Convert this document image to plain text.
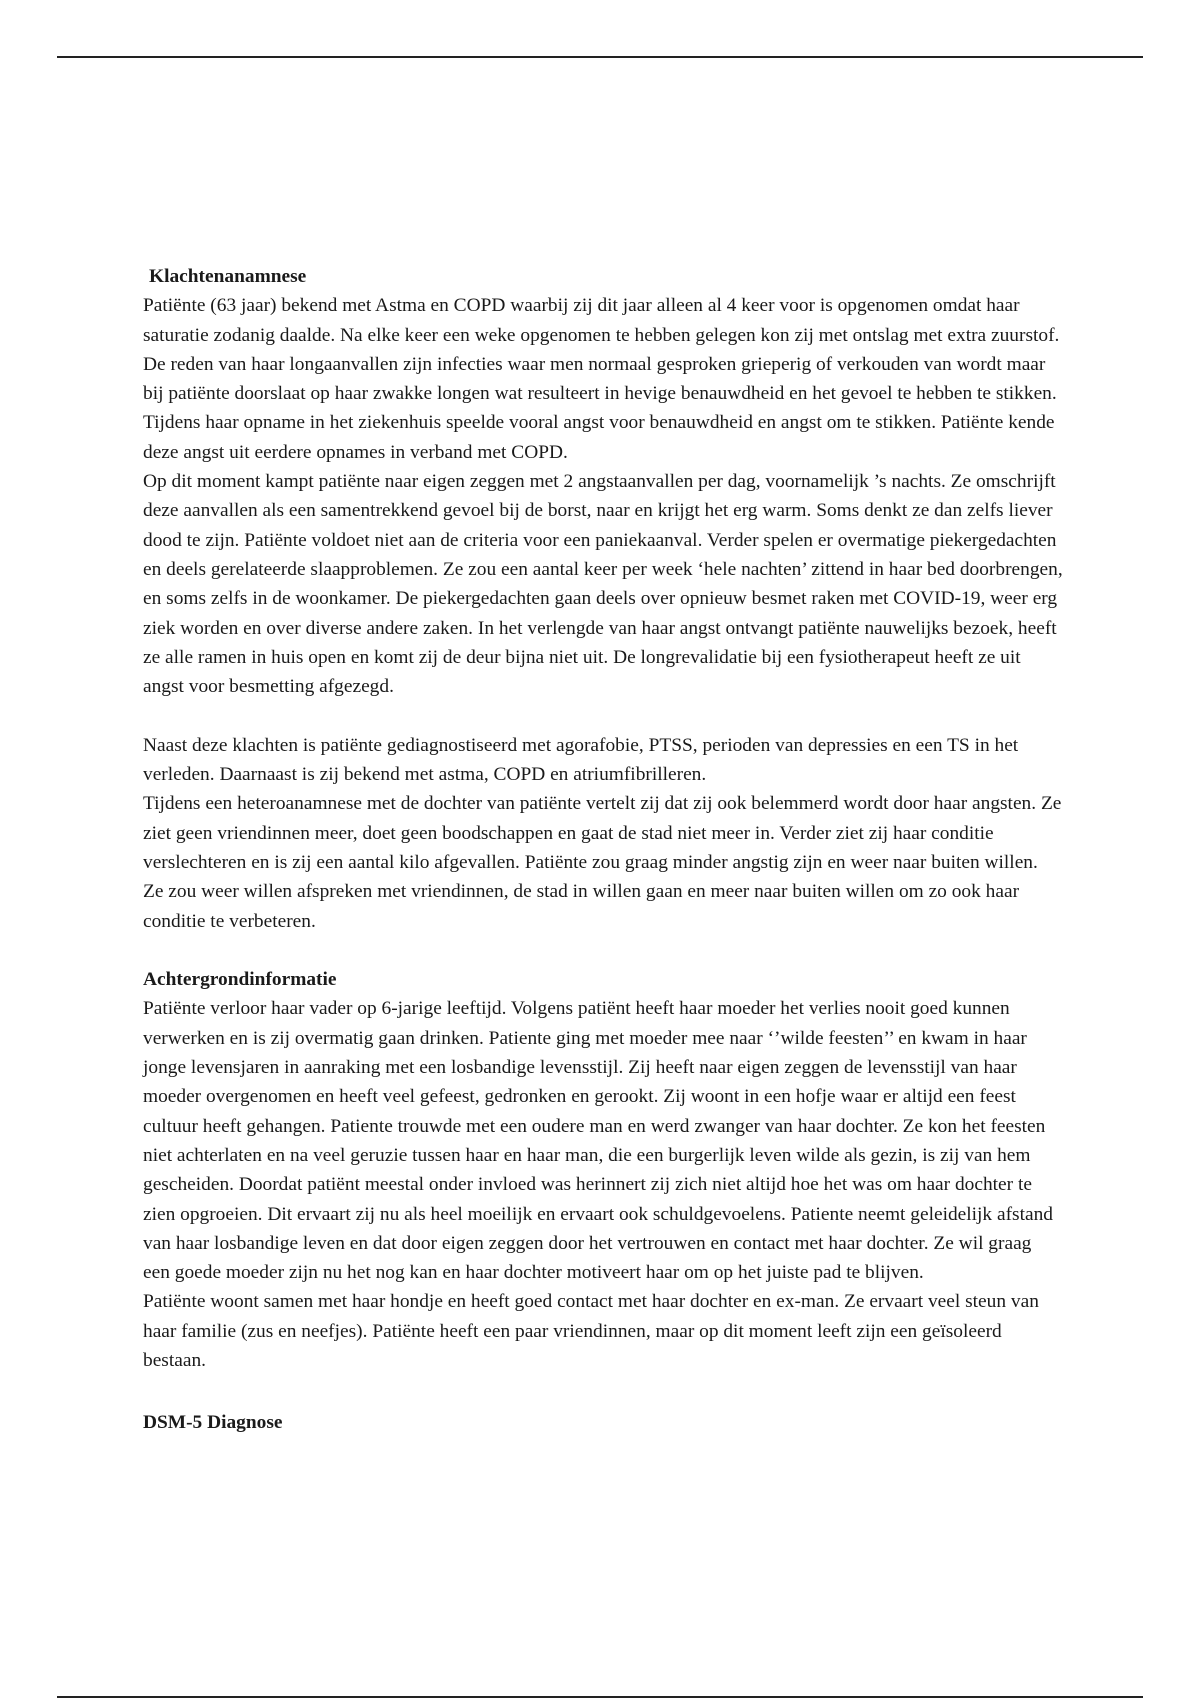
Klachtenanamnese

Patiënte (63 jaar) bekend met Astma en COPD waarbij zij dit jaar alleen al 4 keer voor is opgenomen omdat haar saturatie zodanig daalde. Na elke keer een weke opgenomen te hebben gelegen kon zij met ontslag met extra zuurstof. De reden van haar longaanvallen zijn infecties waar men normaal gesproken grieperig of verkouden van wordt maar bij patiënte doorslaat op haar zwakke longen wat resulteert in hevige benauwdheid en het gevoel te hebben te stikken. Tijdens haar opname in het ziekenhuis speelde vooral angst voor benauwdheid en angst om te stikken. Patiënte kende deze angst uit eerdere opnames in verband met COPD.

Op dit moment kampt patiënte naar eigen zeggen met 2 angstaanvallen per dag, voornamelijk ’s nachts. Ze omschrijft deze aanvallen als een samentrekkend gevoel bij de borst, naar en krijgt het erg warm. Soms denkt ze dan zelfs liever dood te zijn. Patiënte voldoet niet aan de criteria voor een paniekaanval. Verder spelen er overmatige piekergedachten en deels gerelateerde slaapproblemen. Ze zou een aantal keer per week ‘hele nachten’ zittend in haar bed doorbrengen, en soms zelfs in de woonkamer. De piekergedachten gaan deels over opnieuw besmet raken met COVID-19, weer erg ziek worden en over diverse andere zaken. In het verlengde van haar angst ontvangt patiënte nauwelijks bezoek, heeft ze alle ramen in huis open en komt zij de deur bijna niet uit. De longrevalidatie bij een fysiotherapeut heeft ze uit angst voor besmetting afgezegd.

Naast deze klachten is patiënte gediagnostiseerd met agorafobie, PTSS, perioden van depressies en een TS in het verleden. Daarnaast is zij bekend met astma, COPD en atriumfibrilleren.

Tijdens een heteroanamnese met de dochter van patiënte vertelt zij dat zij ook belemmerd wordt door haar angsten. Ze ziet geen vriendinnen meer, doet geen boodschappen en gaat de stad niet meer in. Verder ziet zij haar conditie verslechteren en is zij een aantal kilo afgevallen. Patiënte zou graag minder angstig zijn en weer naar buiten willen. Ze zou weer willen afspreken met vriendinnen, de stad in willen gaan en meer naar buiten willen om zo ook haar conditie te verbeteren.

Achtergrondinformatie

Patiënte verloor haar vader op 6-jarige leeftijd. Volgens patiënt heeft haar moeder het verlies nooit goed kunnen verwerken en is zij overmatig gaan drinken. Patiente ging met moeder mee naar ‘’wilde feesten’’ en kwam in haar jonge levensjaren in aanraking met een losbandige levensstijl. Zij heeft naar eigen zeggen de levensstijl van haar moeder overgenomen en heeft veel gefeest, gedronken en gerookt. Zij woont in een hofje waar er altijd een feest cultuur heeft gehangen. Patiente trouwde met een oudere man en werd zwanger van haar dochter. Ze kon het feesten niet achterlaten en na veel geruzie tussen haar en haar man, die een burgerlijk leven wilde als gezin, is zij van hem gescheiden. Doordat patiënt meestal onder invloed was herinnert zij zich niet altijd hoe het was om haar dochter te zien opgroeien. Dit ervaart zij nu als heel moeilijk en ervaart ook schuldgevoelens. Patiente neemt geleidelijk afstand van haar losbandige leven en dat door eigen zeggen door het vertrouwen en contact met haar dochter. Ze wil graag een goede moeder zijn nu het nog kan en haar dochter motiveert haar om op het juiste pad te blijven.

Patiënte woont samen met haar hondje en heeft goed contact met haar dochter en ex-man. Ze ervaart veel steun van haar familie (zus en neefjes). Patiënte heeft een paar vriendinnen, maar op dit moment leeft zijn een geïsoleerd bestaan.

DSM-5 Diagnose
